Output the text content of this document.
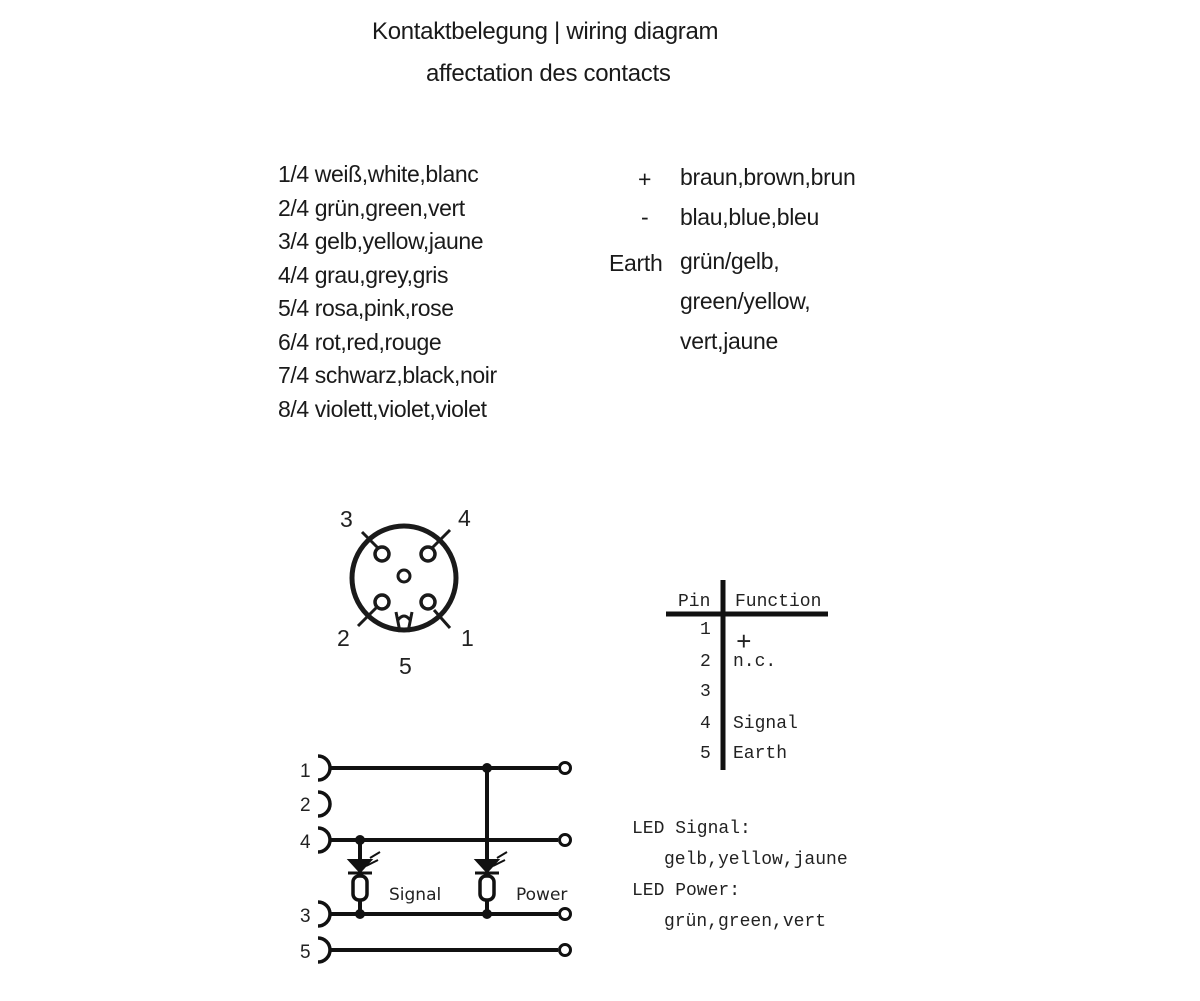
Kontaktbelegung | wiring diagram
affectation des contacts
1/4 weiß,white,blanc
2/4 grün,green,vert
3/4 gelb,yellow,jaune
4/4 grau,grey,gris
5/4 rosa,pink,rose
6/4 rot,red,rouge
7/4 schwarz,black,noir
8/4 violett,violet,violet
+ braun,brown,brun
- blau,blue,bleu
Earth grün/gelb,
green/yellow,
vert,jaune
3	4
2	1
5
Pin Function
1 +
2 n.c.
3
4 Signal
5 Earth
1
2
4
3
5
Signal	Power
LED Signal:
gelb,yellow,jaune
LED Power:
grün,green,vert
